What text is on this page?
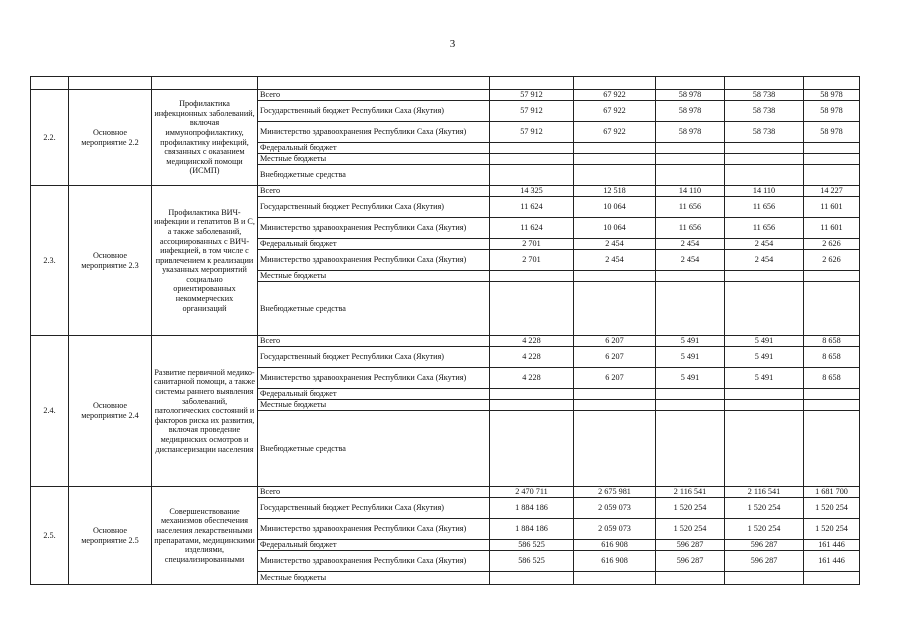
3

2.2.	Основное мероприятие 2.2	Профилактика инфекционных заболеваний, включая иммунопрофилактику, профилактику инфекций, связанных с оказанием медицинской помощи (ИСМП)	Всего	57 912	67 922	58 978	58 738	58 978
			Государственный бюджет Республики Саха (Якутия)	57 912	67 922	58 978	58 738	58 978
			Министерство здравоохранения Республики Саха (Якутия)	57 912	67 922	58 978	58 738	58 978
			Федеральный бюджет					
			Местные бюджеты					
			Внебюджетные средства					
2.3.	Основное мероприятие 2.3	Профилактика ВИЧ-инфекции и гепатитов В и С, а также заболеваний, ассоциированных с ВИЧ-инфекцией, в том числе с привлечением к реализации указанных мероприятий социально ориентированных некоммерческих организаций	Всего	14 325	12 518	14 110	14 110	14 227
			Государственный бюджет Республики Саха (Якутия)	11 624	10 064	11 656	11 656	11 601
			Министерство здравоохранения Республики Саха (Якутия)	11 624	10 064	11 656	11 656	11 601
			Федеральный бюджет	2 701	2 454	2 454	2 454	2 626
			Министерство здравоохранения Республики Саха (Якутия)	2 701	2 454	2 454	2 454	2 626
			Местные бюджеты					
			Внебюджетные средства					
2.4.	Основное мероприятие 2.4	Развитие первичной медико-санитарной помощи, а также системы раннего выявления заболеваний, патологических состояний и факторов риска их развития, включая проведение медицинских осмотров и диспансеризации населения	Всего	4 228	6 207	5 491	5 491	8 658
			Государственный бюджет Республики Саха (Якутия)	4 228	6 207	5 491	5 491	8 658
			Министерство здравоохранения Республики Саха (Якутия)	4 228	6 207	5 491	5 491	8 658
			Федеральный бюджет					
			Местные бюджеты					
			Внебюджетные средства					
2.5.	Основное мероприятие 2.5	Совершенствование механизмов обеспечения населения лекарственными препаратами, медицинскими изделиями, специализированными	Всего	2 470 711	2 675 981	2 116 541	2 116 541	1 681 700
			Государственный бюджет Республики Саха (Якутия)	1 884 186	2 059 073	1 520 254	1 520 254	1 520 254
			Министерство здравоохранения Республики Саха (Якутия)	1 884 186	2 059 073	1 520 254	1 520 254	1 520 254
			Федеральный бюджет	586 525	616 908	596 287	596 287	161 446
			Министерство здравоохранения Республики Саха (Якутия)	586 525	616 908	596 287	596 287	161 446
			Местные бюджеты					
